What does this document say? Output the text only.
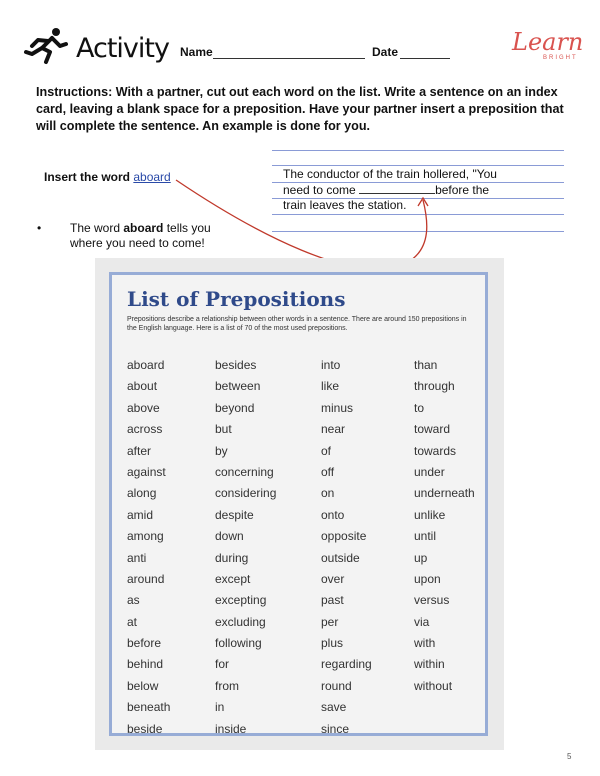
Activity Name	Date	Learn
BRIGHT
Instructions: With a partner, cut out each word on the list. Write a sentence on an index card, leaving a blank space for a preposition. Have your partner insert a preposition that will complete the sentence. An example is done for you.
Insert the word aboard	The conductor of the train hollered, "You
need to come	before the
train leaves the station.
• The word aboard tells you where you need to come!
List of Prepositions
Prepositions describe a relationship between other words in a sentence. There are around 150 prepositions in the English language. Here is a list of 70 of the most used prepositions.
aboard
about
above
across
after
against
along
amid
among
anti
around
as
at
before
behind
below
beneath
beside
besides
between
beyond
but
by
concerning
considering
despite
down
during
except
excepting
excluding
following
for
from
in
inside
into
like
minus
near
of
off
on
onto
opposite
outside
over
past
per
plus
regarding
round
save
since
than
through
to
toward
towards
under
underneath
unlike
until
up
upon
versus
via
with
within
without
5
